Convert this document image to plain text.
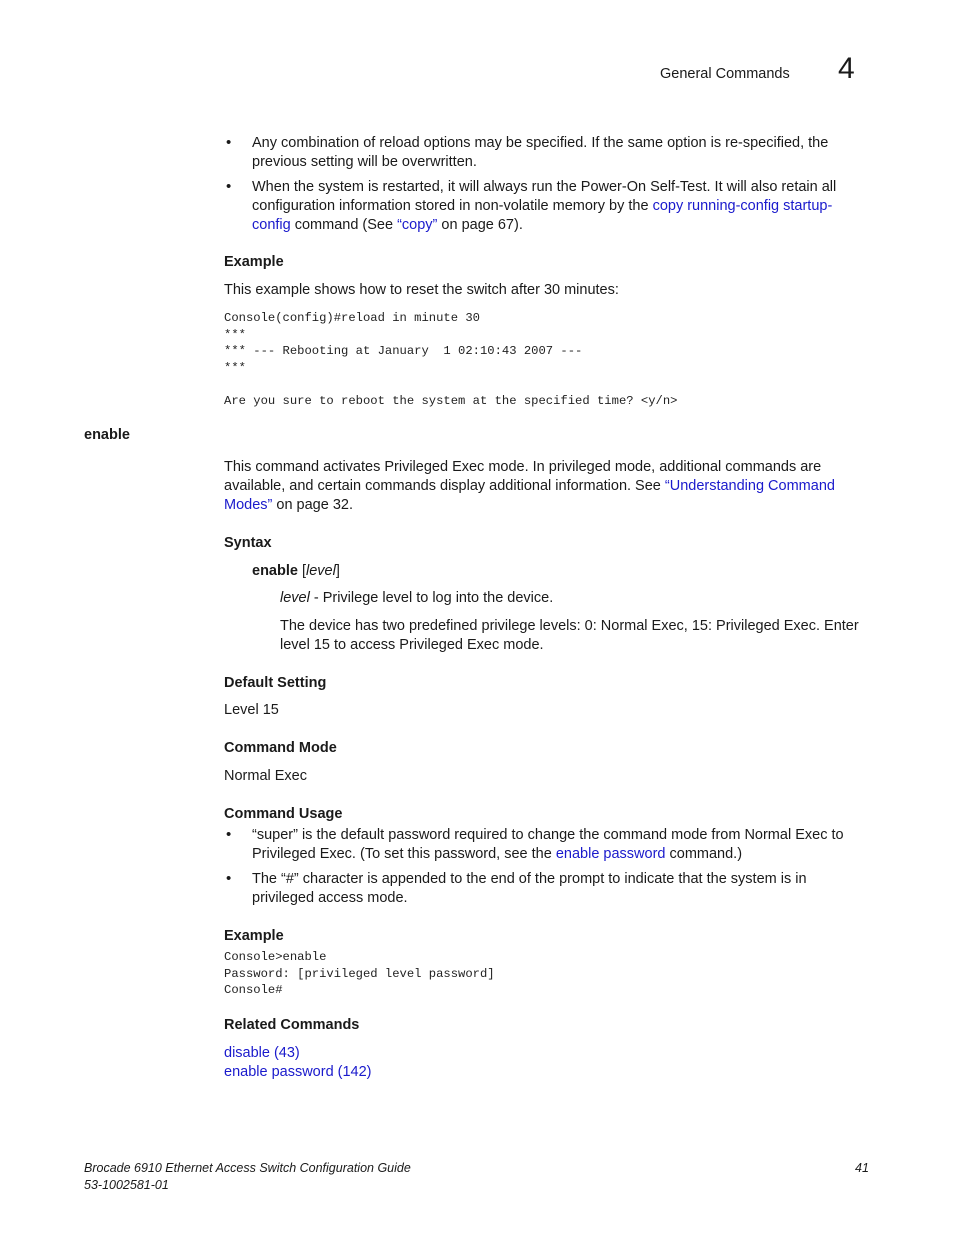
General Commands 4
• Any combination of reload options may be specified. If the same option is re-specified, the previous setting will be overwritten.
• When the system is restarted, it will always run the Power-On Self-Test. It will also retain all configuration information stored in non-volatile memory by the copy running-config startup-config command (See “copy” on page 67).
Example
This example shows how to reset the switch after 30 minutes:
Console(config)#reload in minute 30
***
*** --- Rebooting at January  1 02:10:43 2007 ---
***

Are you sure to reboot the system at the specified time? <y/n>
enable
This command activates Privileged Exec mode. In privileged mode, additional commands are available, and certain commands display additional information. See “Understanding Command Modes” on page 32.
Syntax
enable [level]
level - Privilege level to log into the device.
The device has two predefined privilege levels: 0: Normal Exec, 15: Privileged Exec. Enter level 15 to access Privileged Exec mode.
Default Setting
Level 15
Command Mode
Normal Exec
Command Usage
• “super” is the default password required to change the command mode from Normal Exec to Privileged Exec. (To set this password, see the enable password command.)
• The “#” character is appended to the end of the prompt to indicate that the system is in privileged access mode.
Example
Console>enable
Password: [privileged level password]
Console#
Related Commands
disable (43)
enable password (142)
Brocade 6910 Ethernet Access Switch Configuration Guide
53-1002581-01
41
